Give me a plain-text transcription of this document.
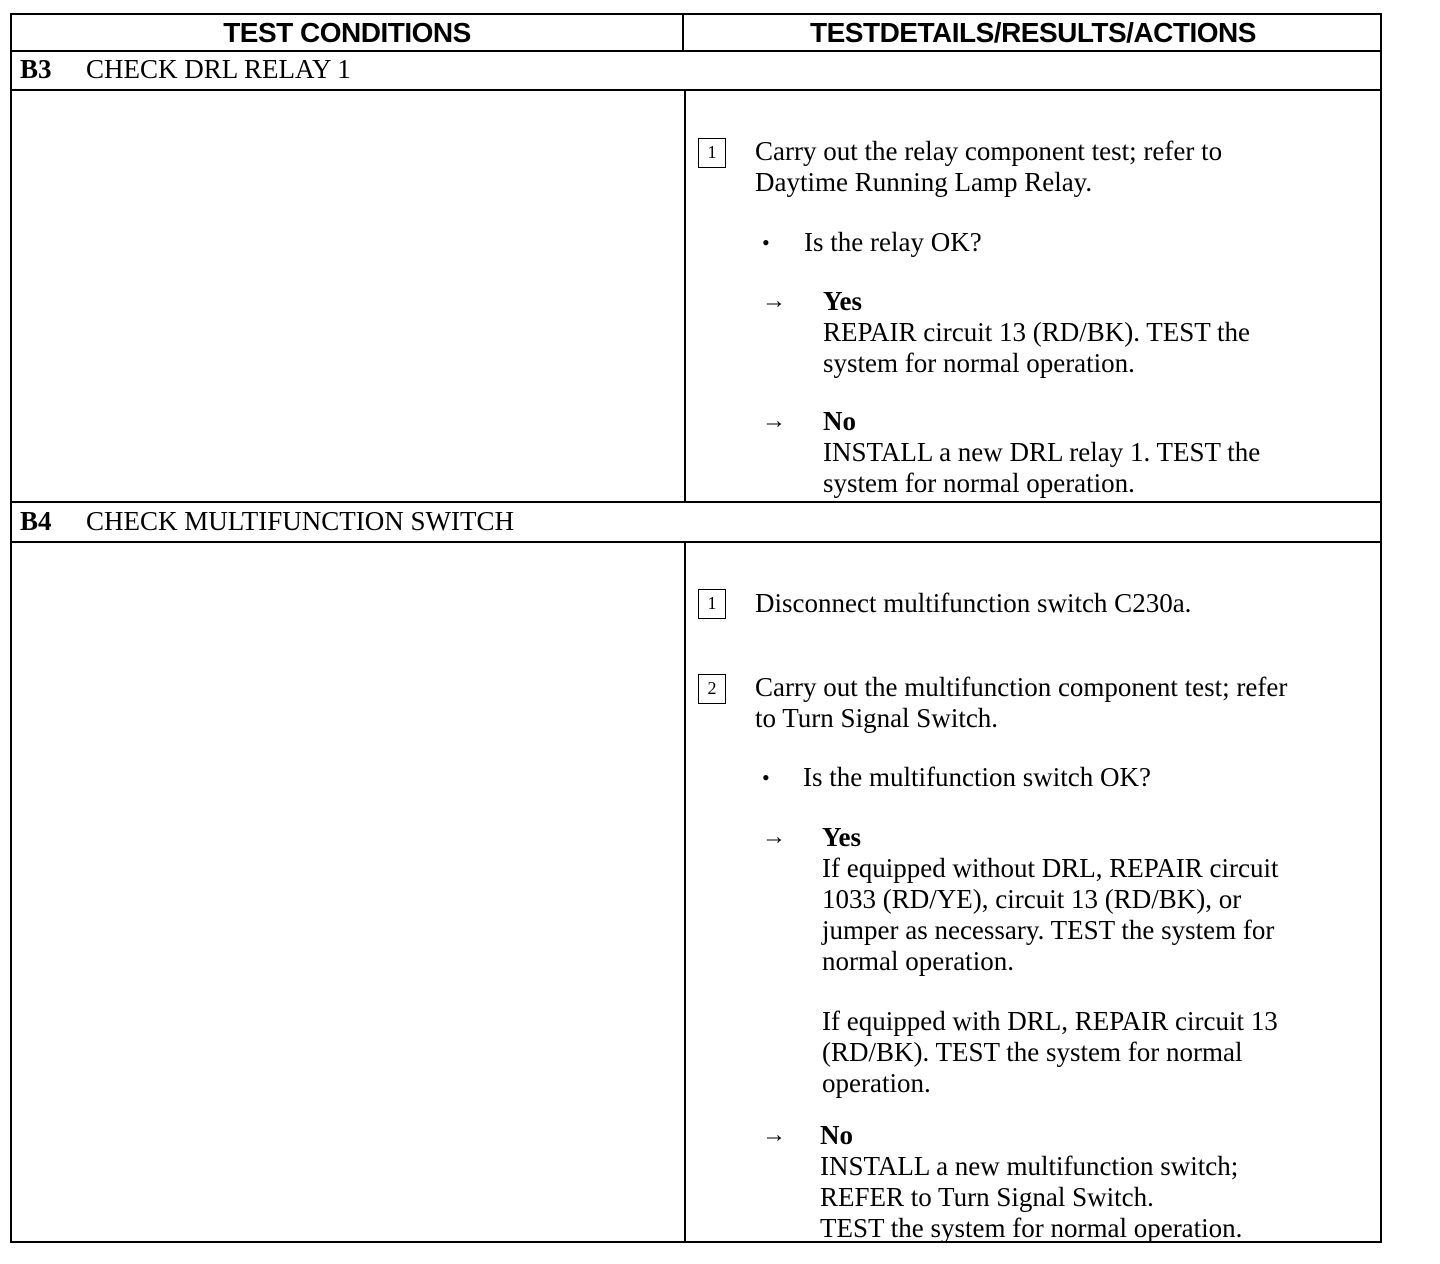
TEST CONDITIONS	TESTDETAILS/RESULTS/ACTIONS
B3 CHECK DRL RELAY 1
1	Carry out the relay component test; refer to
Daytime Running Lamp Relay.
• Is the relay OK?
→ Yes
REPAIR circuit 13 (RD/BK). TEST the
system for normal operation.
→ No
INSTALL a new DRL relay 1. TEST the
system for normal operation.
B4 CHECK MULTIFUNCTION SWITCH
1	Disconnect multifunction switch C230a.
2	Carry out the multifunction component test; refer
to Turn Signal Switch.
• Is the multifunction switch OK?
→ Yes
If equipped without DRL, REPAIR circuit
1033 (RD/YE), circuit 13 (RD/BK), or
jumper as necessary. TEST the system for
normal operation.
If equipped with DRL, REPAIR circuit 13
(RD/BK). TEST the system for normal
operation.
→ No
INSTALL a new multifunction switch;
REFER to Turn Signal Switch.
TEST the system for normal operation.
